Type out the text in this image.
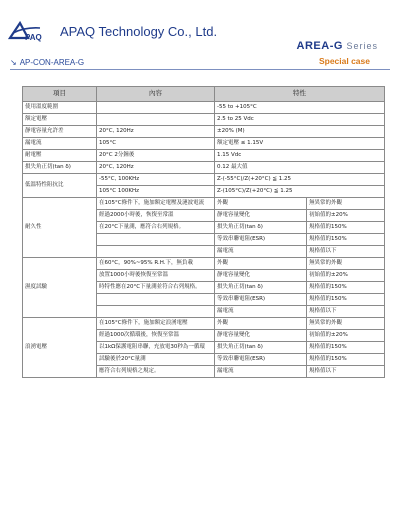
PAQ APAQ Technology Co., Ltd.
AREA-G Series
Special case
↘ AP-CON-AREA-G
項目	內容	特性	
使用溫度範圍		-55 to +105°C	
額定電壓		2.5 to 25 Vdc	
靜電容量允許差	20°C, 120Hz	±20% (M)	
漏電流	105°C	額定電壓 ≤ 1.15V	
耐電壓	20°C 2分鐘後	1.15 Vdc	
損失角正切(tan δ)	20°C, 120Hz	0.12 最大值	
低溫特性阻抗比	-55°C, 100KHz	Z-(-55°C)/Z(+20°C) ≦ 1.25	
	105°C 100KHz	Z-(105°C)/Z(+20°C) ≦ 1.25	
耐久性	在105°C條件下，施加額定電壓及漣波電流	外觀	無異常的外觀
	經過2000小時後，恢復至常溫	靜電容量變化	初始值的±20%
	在20°C下量測，應符合右列規格。	損失角正切(tan δ)	規格值的150%
		等效串聯電阻(ESR)	規格值的150%
		漏電流	規格值以下
濕度試驗	在60°C，90%~95% R.H.下，無負載	外觀	無異常的外觀
	放置1000小時後恢復至常溫	靜電容量變化	初始值的±20%
	時特性應在20°C下量測並符合右列規格。	損失角正切(tan δ)	規格值的150%
		等效串聯電阻(ESR)	規格值的150%
		漏電流	規格值以下
浪湧電壓	在105°C條件下，施加額定浪湧電壓	外觀	無異常的外觀
	經過1000次循環後，恢復至常溫	靜電容量變化	初始值的±20%
	以1kΩ保護電阻串聯，充放電30秒為一循環	損失角正切(tan δ)	規格值的150%
	試驗後於20°C量測	等效串聯電阻(ESR)	規格值的150%
	應符合右列規格之規定。	漏電流	規格值以下
